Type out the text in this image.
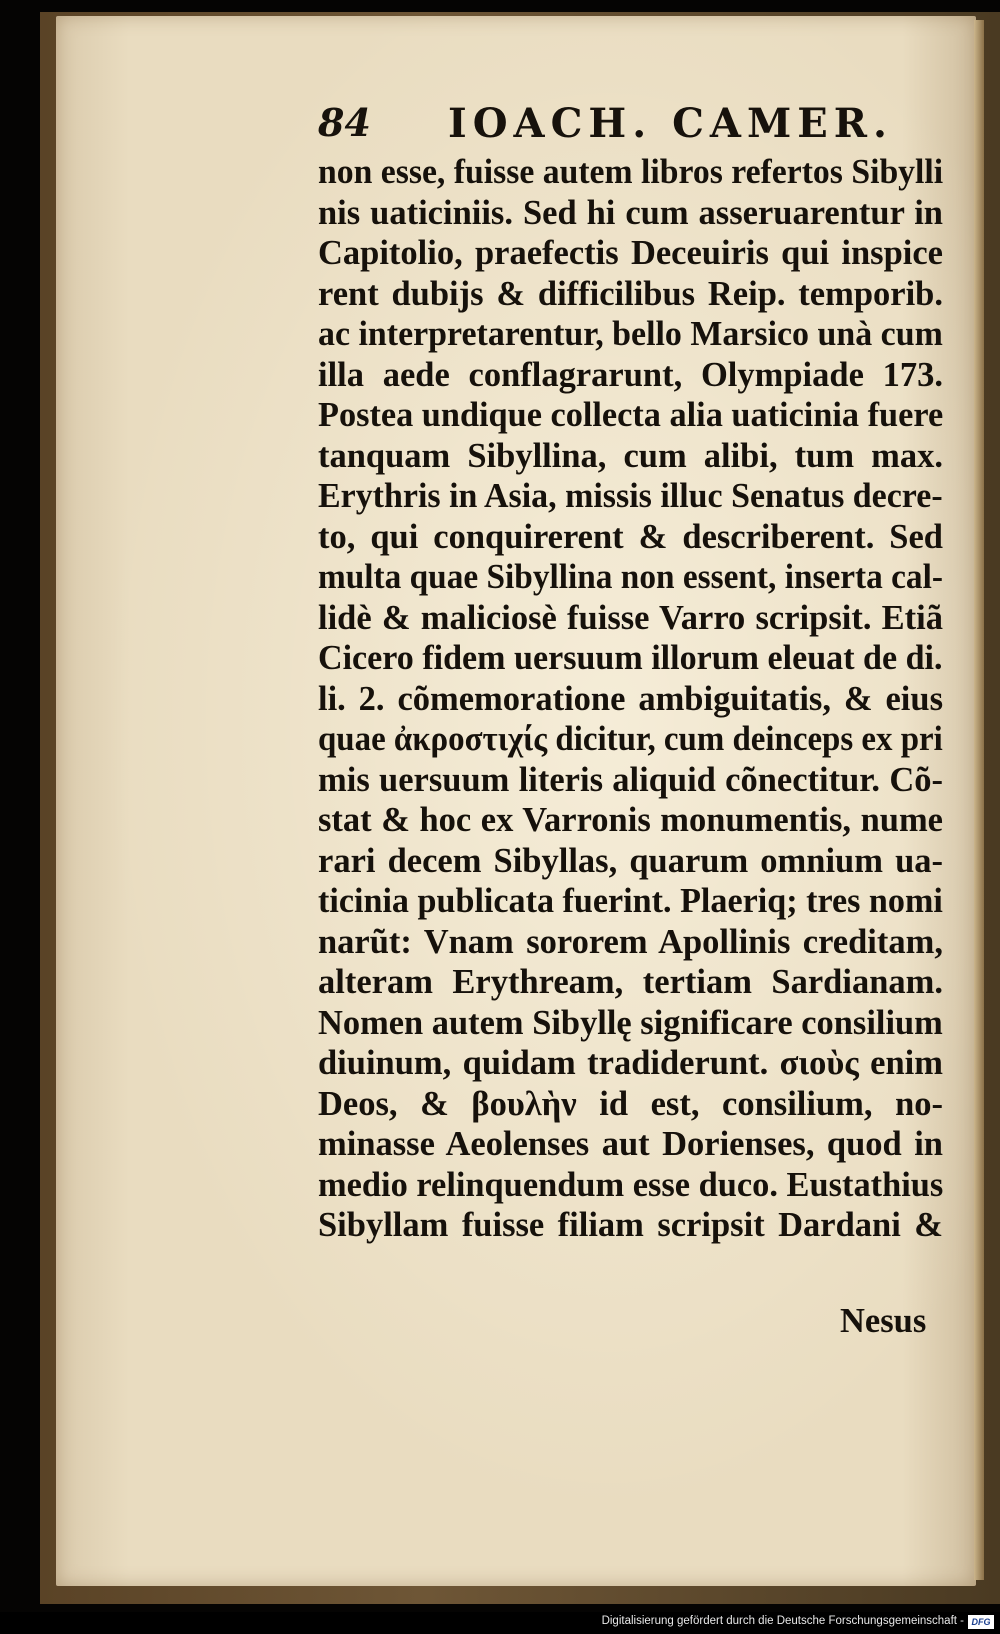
84 IOACH. CAMER.
non esse, fuisse autem libros refertos Sibylli
nis uaticiniis. Sed hi cum asseruarentur in
Capitolio, praefectis Deceuiris qui inspice
rent dubijs & difficilibus Reip. temporib.
ac interpretarentur, bello Marsico unà cum
illa aede conflagrarunt, Olympiade 173.
Postea undique collecta alia uaticinia fuere
tanquam Sibyllina, cum alibi, tum max.
Erythris in Asia, missis illuc Senatus decre-
to, qui conquirerent & describerent. Sed
multa quae Sibyllina non essent, inserta cal-
lidè & maliciosè fuisse Varro scripsit. Etiã
Cicero fidem uersuum illorum eleuat de di.
li. 2. cõmemoratione ambiguitatis, & eius
quae ἀκρoστιχίς dicitur, cum deinceps ex pri
mis uersuum literis aliquid cõnectitur. Cõ-
stat & hoc ex Varronis monumentis, nume
rari decem Sibyllas, quarum omnium ua-
ticinia publicata fuerint. Plaeriq; tres nomi
narũt: Vnam sororem Apollinis creditam,
alteram Erythream, tertiam Sardianam.
Nomen autem Sibyllę significare consilium
diuinum, quidam tradiderunt. σιοὺς enim
Deos, & βουλὴν id est, consilium, no-
minasse Aeolenses aut Dorienses, quod in
medio relinquendum esse duco. Eustathius
Sibyllam fuisse filiam scripsit Dardani &
Nesus
Digitalisierung gefördert durch die Deutsche Forschungsgemeinschaft - DFG
